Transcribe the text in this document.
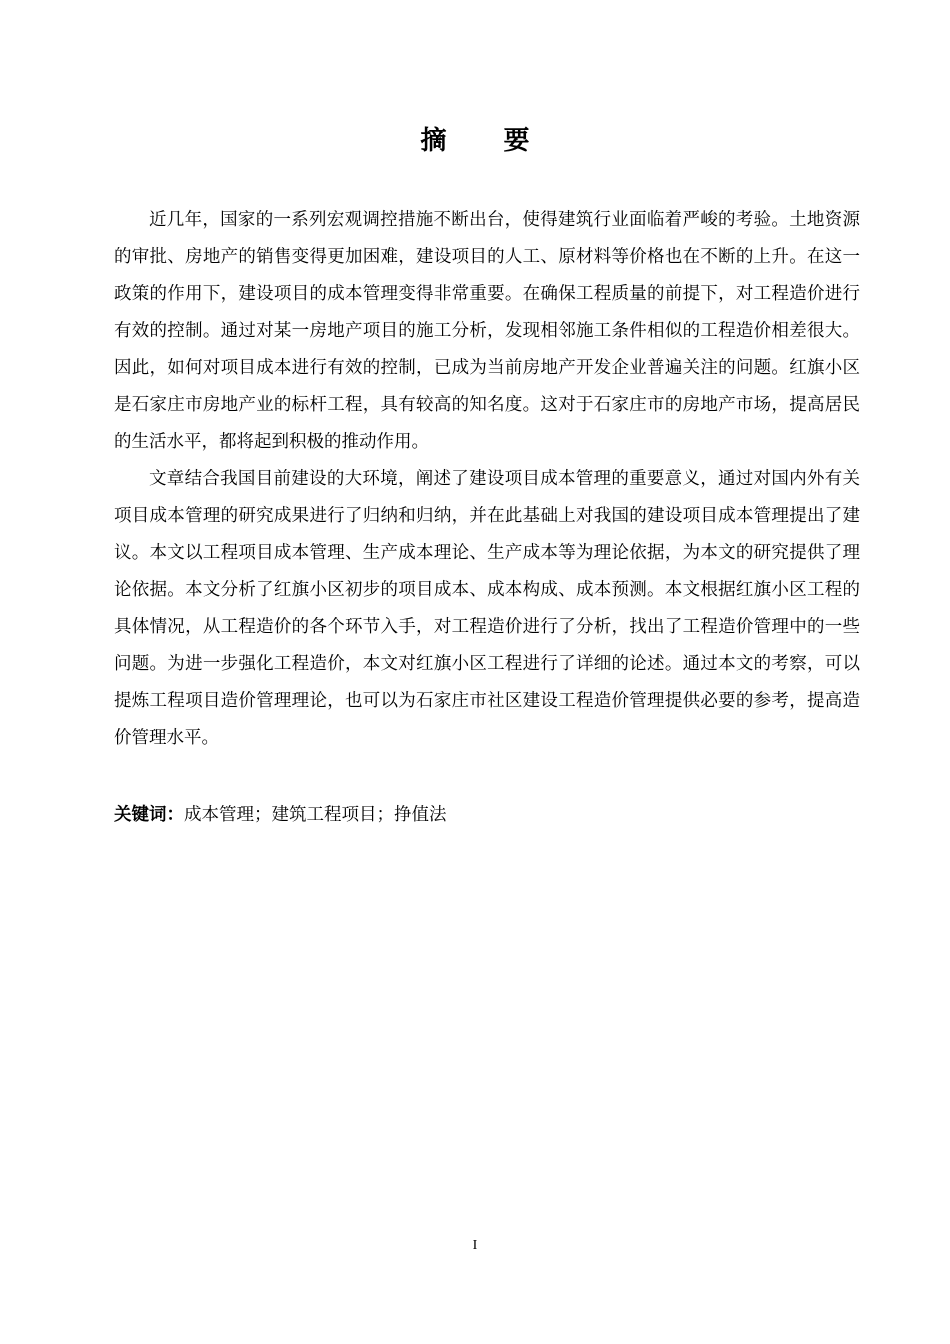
摘 要

近几年，国家的一系列宏观调控措施不断出台，使得建筑行业面临着严峻的考验。土地资源的审批、房地产的销售变得更加困难，建设项目的人工、原材料等价格也在不断的上升。在这一政策的作用下，建设项目的成本管理变得非常重要。在确保工程质量的前提下，对工程造价进行有效的控制。通过对某一房地产项目的施工分析，发现相邻施工条件相似的工程造价相差很大。因此，如何对项目成本进行有效的控制，已成为当前房地产开发企业普遍关注的问题。红旗小区是石家庄市房地产业的标杆工程，具有较高的知名度。这对于石家庄市的房地产市场，提高居民的生活水平，都将起到积极的推动作用。

文章结合我国目前建设的大环境，阐述了建设项目成本管理的重要意义，通过对国内外有关项目成本管理的研究成果进行了归纳和归纳，并在此基础上对我国的建设项目成本管理提出了建议。本文以工程项目成本管理、生产成本理论、生产成本等为理论依据，为本文的研究提供了理论依据。本文分析了红旗小区初步的项目成本、成本构成、成本预测。本文根据红旗小区工程的具体情况，从工程造价的各个环节入手，对工程造价进行了分析，找出了工程造价管理中的一些问题。为进一步强化工程造价，本文对红旗小区工程进行了详细的论述。通过本文的考察，可以提炼工程项目造价管理理论，也可以为石家庄市社区建设工程造价管理提供必要的参考，提高造价管理水平。

关键词：成本管理；建筑工程项目；挣值法
I
